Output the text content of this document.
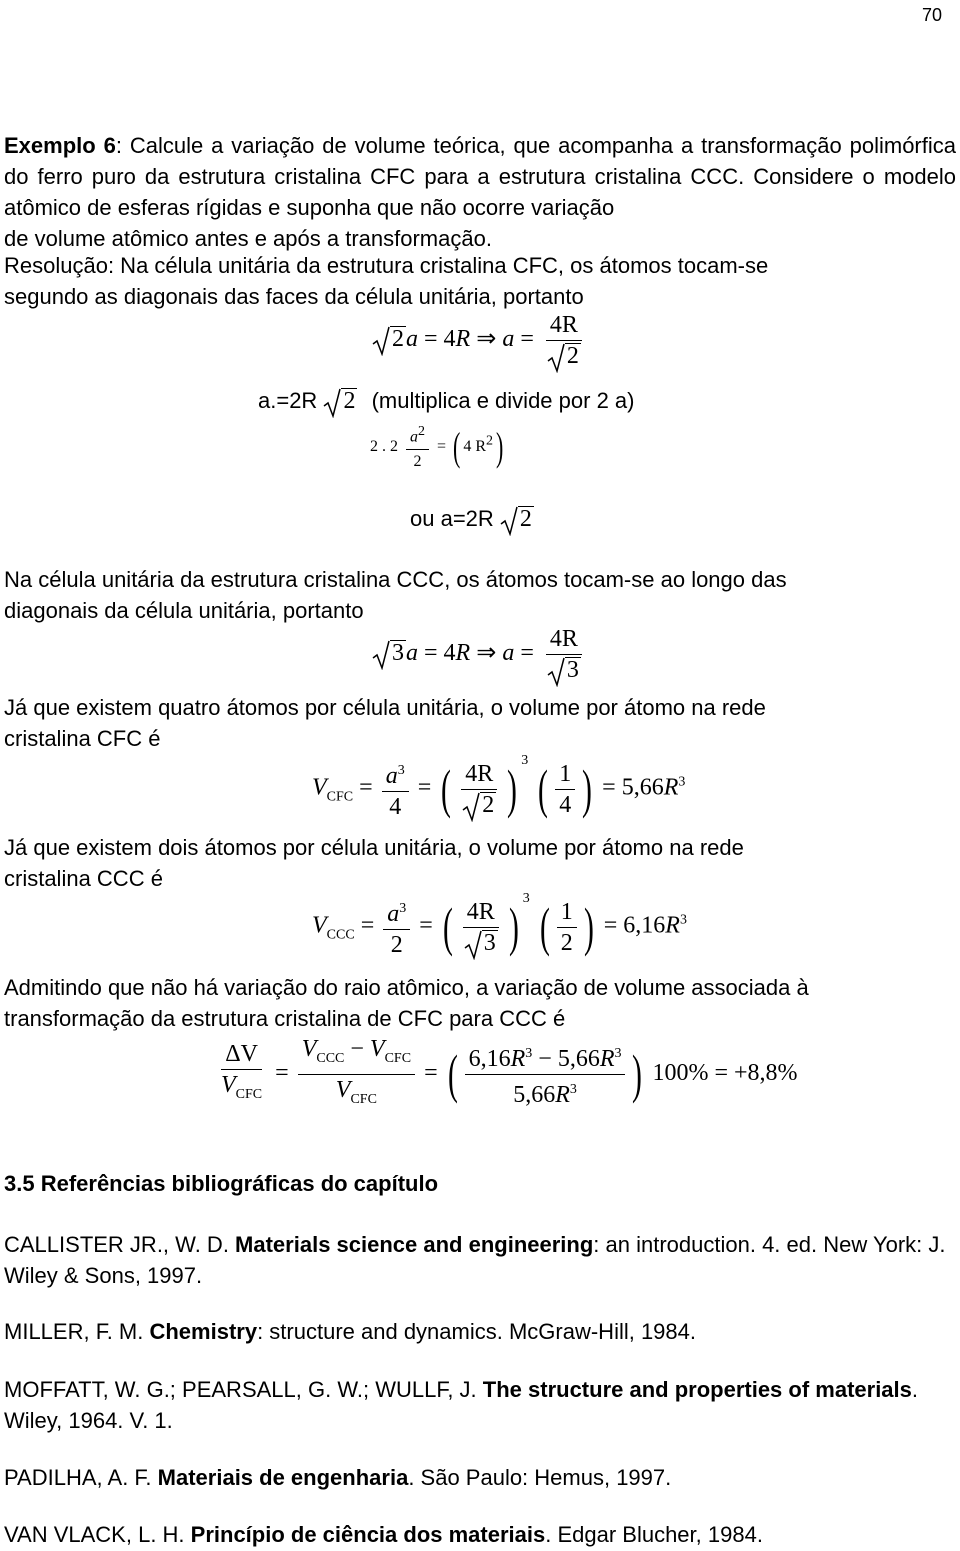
70

Exemplo 6: Calcule a variação de volume teórica, que acompanha a transformação polimórfica do ferro puro da estrutura cristalina CFC para a estrutura cristalina CCC. Considere o modelo atômico de esferas rígidas e suponha que não ocorre variação
de volume atômico antes e após a transformação.

Resolução: Na célula unitária da estrutura cristalina CFC, os átomos tocam-se
segundo as diagonais das faces da célula unitária, portanto

2a = 4R ⇒ $a = \frac{4R}{2}$
a.=2R 2 (multiplica e divide por 2 a)
2 . $2 \frac{a^2}{2}$ = ( 4 $R^2$)
ou a=2R 2

Na célula unitária da estrutura cristalina CCC, os átomos tocam-se ao longo das
diagonais da célula unitária, portanto

3a = 4R ⇒ $a = \frac{4R}{3}$

Já que existem quatro átomos por célula unitária, o volume por átomo na rede
cristalina CFC é

$V_{CFC} = \frac{a^3}{4}$ = ( $\frac{4R}{2}$ ) $^3$ ( $\frac{1}{4}$ ) = $5,66R^3$

Já que existem dois átomos por célula unitária, o volume por átomo na rede
cristalina CCC é

$V_{CCC} = \frac{a^3}{2}$ = ( $\frac{4R}{3}$ ) $^3$ ( $\frac{1}{2}$ ) = $6,16R^3$

Admitindo que não há variação do raio atômico, a variação de volume associada à
transformação da estrutura cristalina de CFC para CCC é

$\frac{\Delta V}{V_{CFC}} = \frac{V_{CCC} - V_{CFC}}{V_{CFC}}$ = ( $\frac{6,16R^3 - 5,66R^3}{5,66R^3}$ ) 100% = +8,8%
3.5 Referências bibliográficas do capítulo

CALLISTER JR., W. D. Materials science and engineering: an introduction. 4. ed. New York: J. Wiley & Sons, 1997.

MILLER, F. M. Chemistry: structure and dynamics. McGraw-Hill, 1984.

MOFFATT, W. G.; PEARSALL, G. W.; WULLF, J. The structure and properties of materials. Wiley, 1964. V. 1.

PADILHA, A. F. Materiais de engenharia. São Paulo: Hemus, 1997.

VAN VLACK, L. H. Princípio de ciência dos materiais. Edgar Blucher, 1984.
